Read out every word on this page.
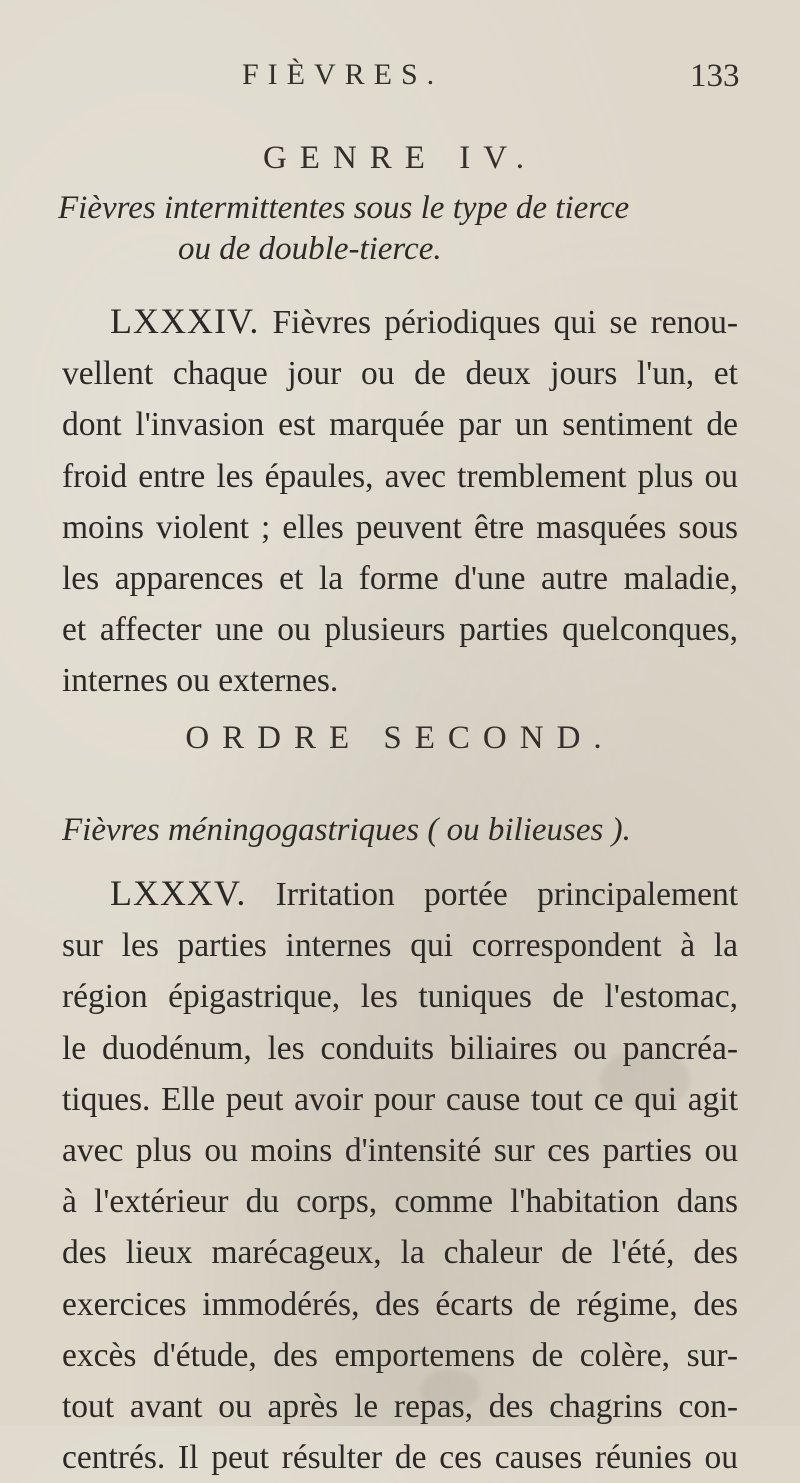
FIÈVRES.	133
GENRE IV.
Fièvres intermittentes sous le type de tierce
ou de double-tierce.
LXXXIV. Fièvres périodiques qui se renou-
vellent chaque jour ou de deux jours l'un, et
dont l'invasion est marquée par un sentiment de
froid entre les épaules, avec tremblement plus ou
moins violent ; elles peuvent être masquées sous
les apparences et la forme d'une autre maladie,
et affecter une ou plusieurs parties quelconques,
internes ou externes.
ORDRE SECOND.
Fièvres méningogastriques ( ou bilieuses ).
LXXXV. Irritation portée principalement
sur les parties internes qui correspondent à la
région épigastrique, les tuniques de l'estomac,
le duodénum, les conduits biliaires ou pancréa-
tiques. Elle peut avoir pour cause tout ce qui agit
avec plus ou moins d'intensité sur ces parties ou
à l'extérieur du corps, comme l'habitation dans
des lieux marécageux, la chaleur de l'été, des
exercices immodérés, des écarts de régime, des
excès d'étude, des emportemens de colère, sur-
tout avant ou après le repas, des chagrins con-
centrés. Il peut résulter de ces causes réunies ou
